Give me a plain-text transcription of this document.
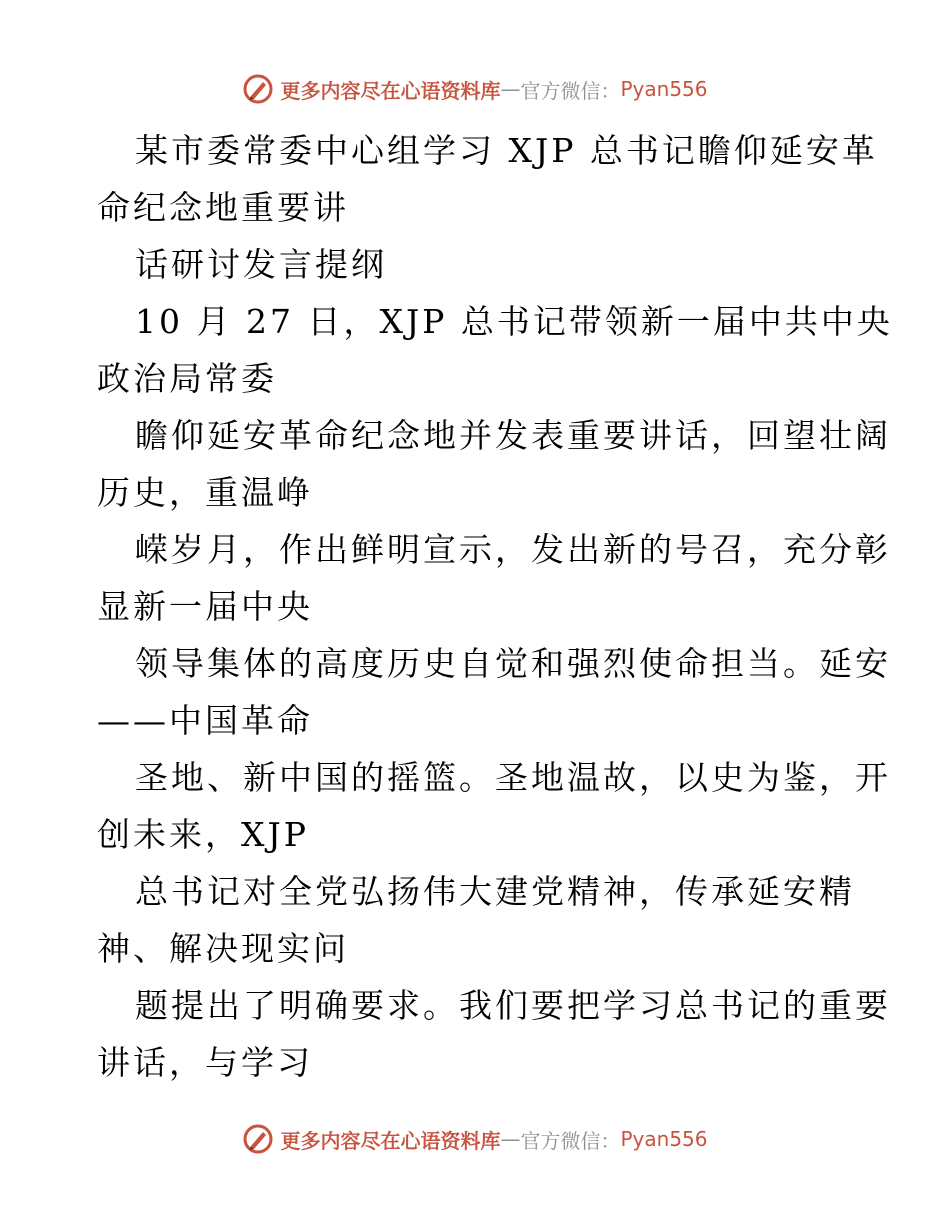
更多内容尽在心语资料库 — 官方微信： Pyan556
某市委常委中心组学习 XJP 总书记瞻仰延安革
命纪念地重要讲
话研讨发言提纲
10 月 27 日，XJP 总书记带领新一届中共中央
政治局常委
瞻仰延安革命纪念地并发表重要讲话，回望壮阔
历史，重温峥
嵘岁月，作出鲜明宣示，发出新的号召，充分彰
显新一届中央
领导集体的高度历史自觉和强烈使命担当。延安
——中国革命
圣地、新中国的摇篮。圣地温故，以史为鉴，开
创未来，XJP
总书记对全党弘扬伟大建党精神，传承延安精
神、解决现实问
题提出了明确要求。我们要把学习总书记的重要
讲话，与学习
更多内容尽在心语资料库 — 官方微信： Pyan556
